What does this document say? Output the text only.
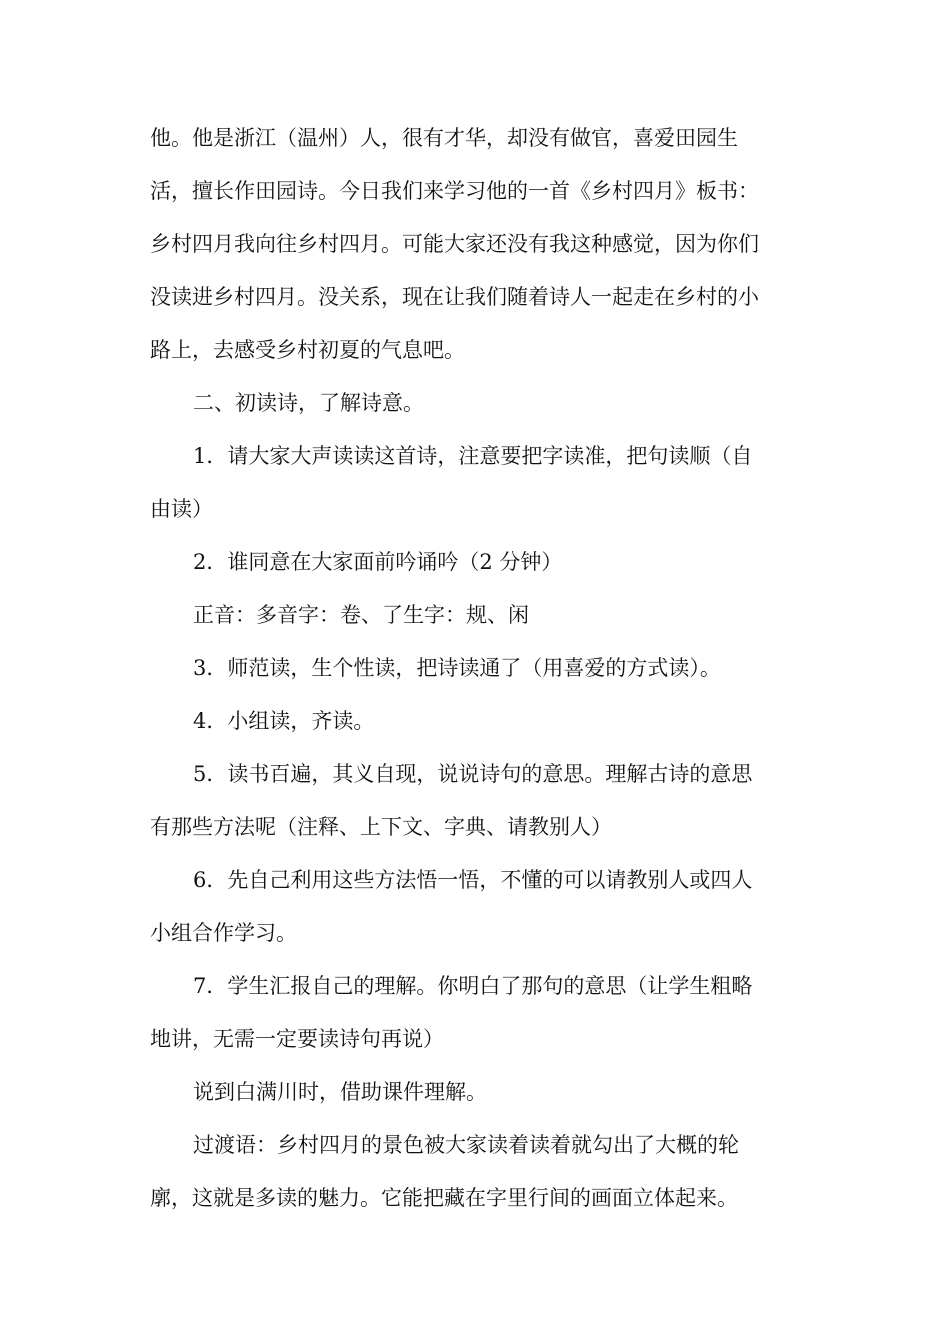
他。他是浙江（温州）人，很有才华，却没有做官，喜爱田园生
活，擅长作田园诗。今日我们来学习他的一首《乡村四月》板书：
乡村四月我向往乡村四月。可能大家还没有我这种感觉，因为你们
没读进乡村四月。没关系，现在让我们随着诗人一起走在乡村的小
路上，去感受乡村初夏的气息吧。
二、初读诗，了解诗意。
1．请大家大声读读这首诗，注意要把字读准，把句读顺（自
由读）
2．谁同意在大家面前吟诵吟（2 分钟）
正音：多音字：卷、了生字：规、闲
3．师范读，生个性读，把诗读通了（用喜爱的方式读）。
4．小组读，齐读。
5．读书百遍，其义自现，说说诗句的意思。理解古诗的意思
有那些方法呢（注释、上下文、字典、请教别人）
6．先自己利用这些方法悟一悟，不懂的可以请教别人或四人
小组合作学习。
7．学生汇报自己的理解。你明白了那句的意思（让学生粗略
地讲，无需一定要读诗句再说）
说到白满川时，借助课件理解。
过渡语：乡村四月的景色被大家读着读着就勾出了大概的轮
廓，这就是多读的魅力。它能把藏在字里行间的画面立体起来。
